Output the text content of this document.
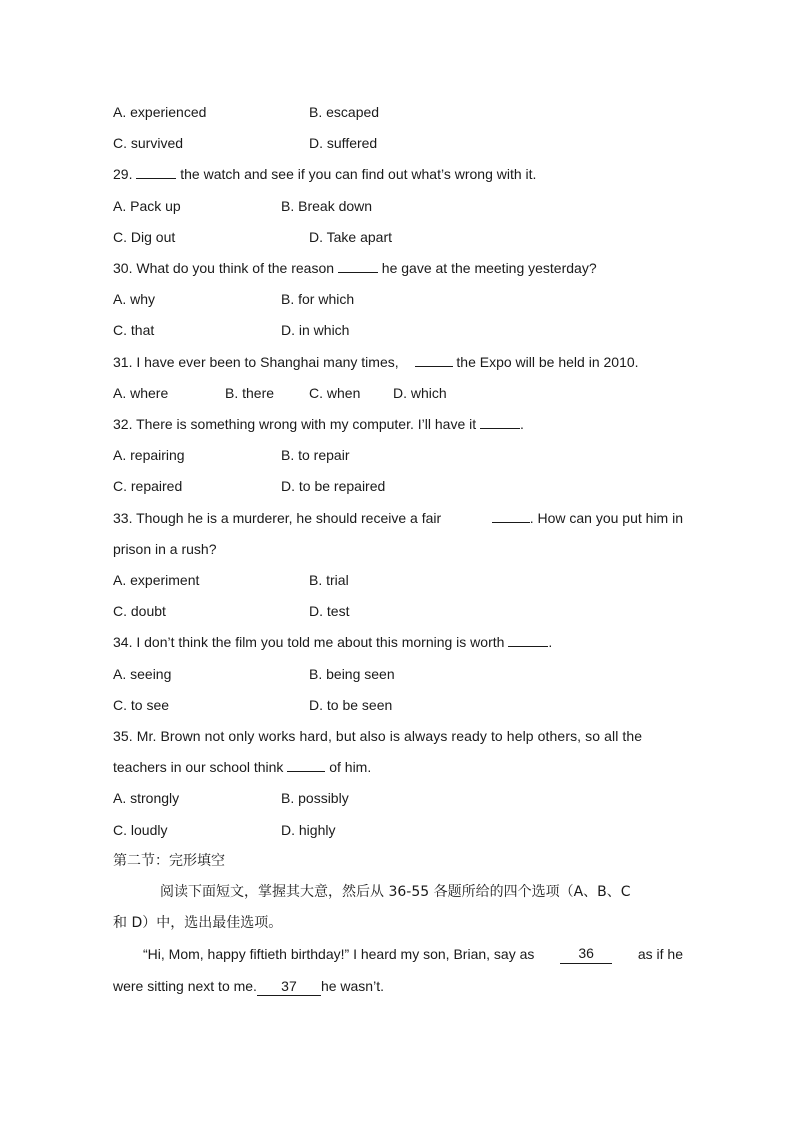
A. experienced	B. escaped
C. survived	D. suffered
29.	the watch and see if you can find out what’s wrong with it.
A. Pack up	B. Break down
C. Dig out	D. Take apart
30. What do you think of the reason	he gave at the meeting yesterday?
A. why	B. for which
C. that	D. in which
31. I have ever been to Shanghai many times,	the Expo will be held in 2010.
A. where	B. there C. when D. which
32. There is something wrong with my computer. I’ll have it	.
A. repairing	B. to repair
C. repaired	D. to be repaired
33. Though he is a murderer, he should receive a fair	. How can you put him in
prison in a rush?
A. experiment	B. trial
C. doubt	D. test
34. I don’t think the film you told me about this morning is worth	.
A. seeing	B. being seen
C. to see	D. to be seen
35. Mr. Brown not only works hard, but also is always ready to help others, so all the
teachers in our school think	of him.
A. strongly	B. possibly
C. loudly	D. highly
第二节：完形填空
阅读下面短文，掌握其大意，然后从 36-55 各题所给的四个选项（A、B、C
和 D）中，选出最佳选项。
“Hi, Mom, happy fiftieth birthday!” I heard my son, Brian, say as	36	as if he
were sitting next to me. 37 he wasn’t.
